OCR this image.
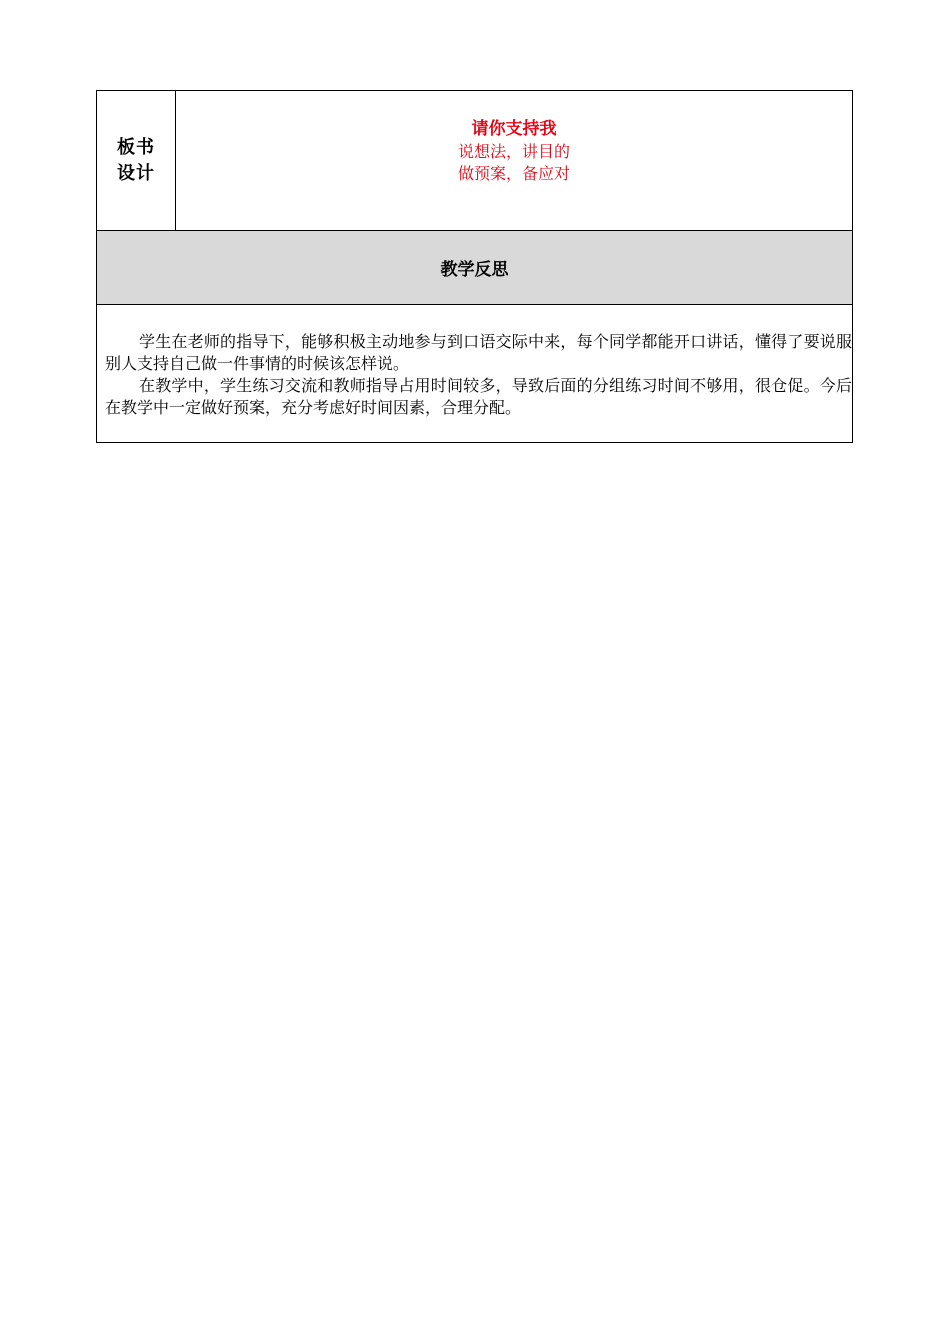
板书设计
请你支持我
说想法，讲目的
做预案，备应对
教学反思

学生在老师的指导下，能够积极主动地参与到口语交际中来，每个同学都能开口讲话，懂得了要说服别人支持自己做一件事情的时候该怎样说。

在教学中，学生练习交流和教师指导占用时间较多，导致后面的分组练习时间不够用，很仓促。今后在教学中一定做好预案，充分考虑好时间因素，合理分配。
